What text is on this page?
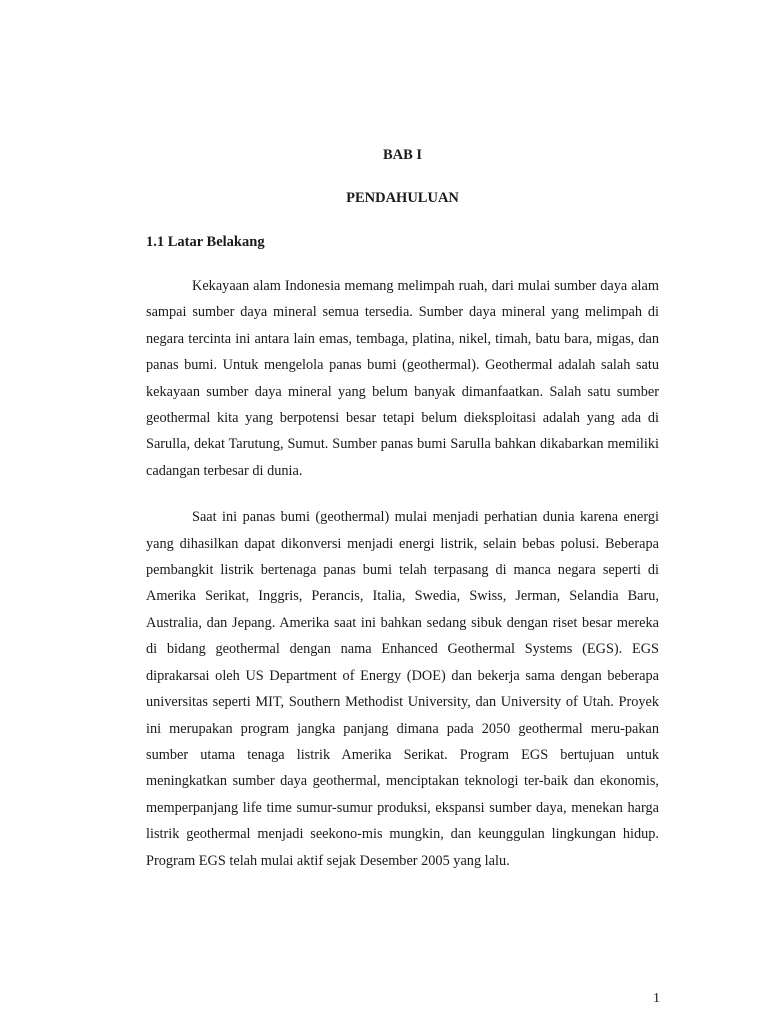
BAB I

PENDAHULUAN

1.1 Latar Belakang

Kekayaan alam Indonesia memang melimpah ruah, dari mulai sumber daya alam sampai sumber daya mineral semua tersedia. Sumber daya mineral yang melimpah di negara tercinta ini antara lain emas, tembaga, platina, nikel, timah, batu bara, migas, dan panas bumi. Untuk mengelola panas bumi (geothermal). Geothermal adalah salah satu kekayaan sumber daya mineral yang belum banyak dimanfaatkan. Salah satu sumber geothermal kita yang berpotensi besar tetapi belum dieksploitasi adalah yang ada di Sarulla, dekat Tarutung, Sumut. Sumber panas bumi Sarulla bahkan dikabarkan memiliki cadangan terbesar di dunia.

Saat ini panas bumi (geothermal) mulai menjadi perhatian dunia karena energi yang dihasilkan dapat dikonversi menjadi energi listrik, selain bebas polusi. Beberapa pembangkit listrik bertenaga panas bumi telah terpasang di manca negara seperti di Amerika Serikat, Inggris, Perancis, Italia, Swedia, Swiss, Jerman, Selandia Baru, Australia, dan Jepang. Amerika saat ini bahkan sedang sibuk dengan riset besar mereka di bidang geothermal dengan nama Enhanced Geothermal Systems (EGS). EGS diprakarsai oleh US Department of Energy (DOE) dan bekerja sama dengan beberapa universitas seperti MIT, Southern Methodist University, dan University of Utah. Proyek ini merupakan program jangka panjang dimana pada 2050 geothermal meru-pakan sumber utama tenaga listrik Amerika Serikat. Program EGS bertujuan untuk meningkatkan sumber daya geothermal, menciptakan teknologi ter-baik dan ekonomis, memperpanjang life time sumur-sumur produksi, ekspansi sumber daya, menekan harga listrik geothermal menjadi seekono-mis mungkin, dan keunggulan lingkungan hidup. Program EGS telah mulai aktif sejak Desember 2005 yang lalu.

1
